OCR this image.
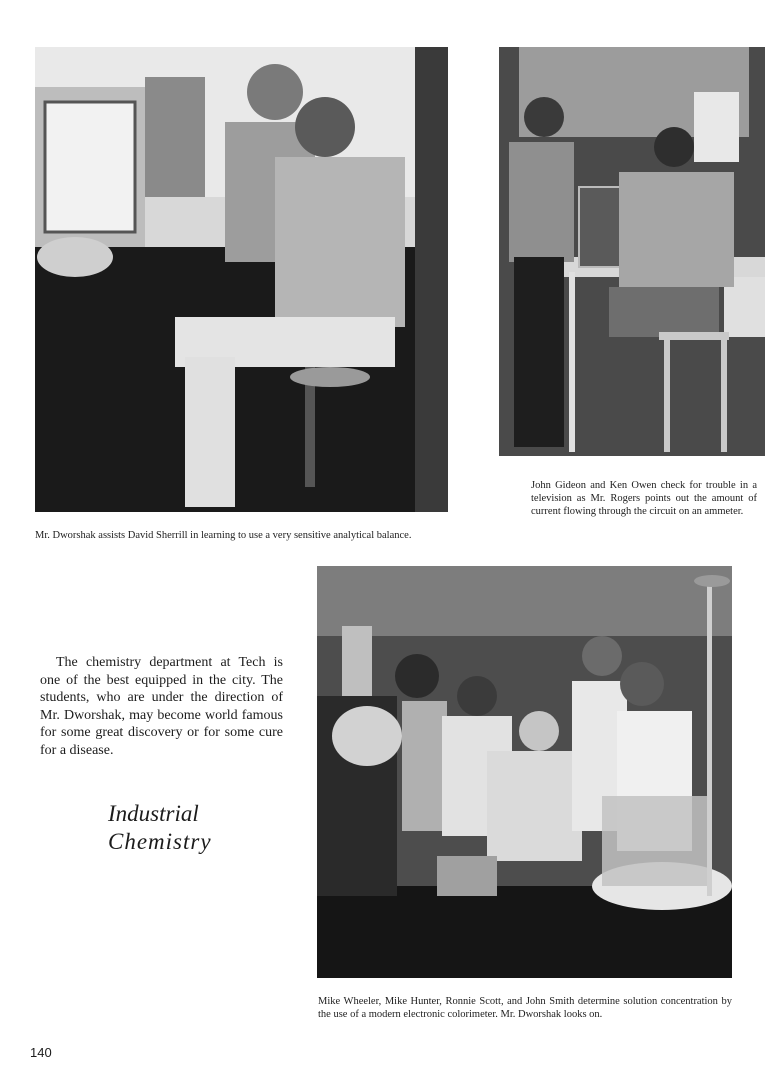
Mr. Dworshak assists David Sherrill in learning to use a very sensitive analytical balance.
John Gideon and Ken Owen check for trouble in a television as Mr. Rogers points out the amount of current flowing through the circuit on an ammeter.
Mike Wheeler, Mike Hunter, Ronnie Scott, and John Smith determine solution concentration by the use of a modern electronic colorimeter. Mr. Dworshak looks on.

The chemistry department at Tech is one of the best equipped in the city. The students, who are under the direction of Mr. Dworshak, may become world famous for some great discovery or for some cure for a disease.

Industrial
Chemistry
140
